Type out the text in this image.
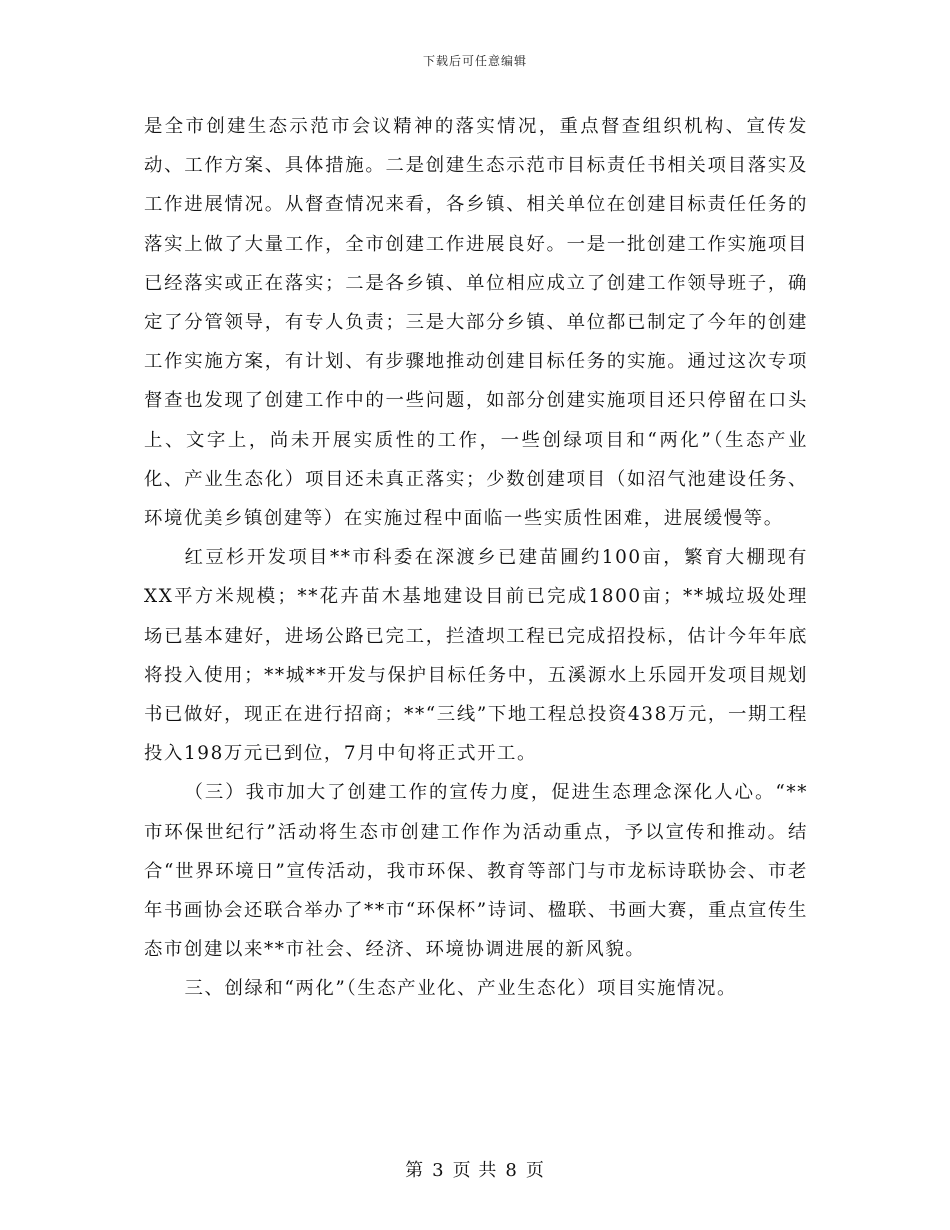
下载后可任意编辑

是全市创建生态示范市会议精神的落实情况，重点督查组织机构、宣传发动、工作方案、具体措施。二是创建生态示范市目标责任书相关项目落实及工作进展情况。从督查情况来看，各乡镇、相关单位在创建目标责任任务的落实上做了大量工作，全市创建工作进展良好。一是一批创建工作实施项目已经落实或正在落实；二是各乡镇、单位相应成立了创建工作领导班子，确定了分管领导，有专人负责；三是大部分乡镇、单位都已制定了今年的创建工作实施方案，有计划、有步骤地推动创建目标任务的实施。通过这次专项督查也发现了创建工作中的一些问题，如部分创建实施项目还只停留在口头上、文字上，尚未开展实质性的工作，一些创绿项目和“两化”（生态产业化、产业生态化）项目还未真正落实；少数创建项目（如沼气池建设任务、环境优美乡镇创建等）在实施过程中面临一些实质性困难，进展缓慢等。

红豆杉开发项目**市科委在深渡乡已建苗圃约100亩，繁育大棚现有XX平方米规模；**花卉苗木基地建设目前已完成1800亩；**城垃圾处理场已基本建好，进场公路已完工，拦渣坝工程已完成招投标，估计今年年底将投入使用；**城**开发与保护目标任务中，五溪源水上乐园开发项目规划书已做好，现正在进行招商；**“三线”下地工程总投资438万元，一期工程投入198万元已到位，7月中旬将正式开工。

（三）我市加大了创建工作的宣传力度，促进生态理念深化人心。“**市环保世纪行”活动将生态市创建工作作为活动重点，予以宣传和推动。结合“世界环境日”宣传活动，我市环保、教育等部门与市龙标诗联协会、市老年书画协会还联合举办了**市“环保杯”诗词、楹联、书画大赛，重点宣传生态市创建以来**市社会、经济、环境协调进展的新风貌。

三、创绿和“两化”（生态产业化、产业生态化）项目实施情况。

第 3 页 共 8 页
